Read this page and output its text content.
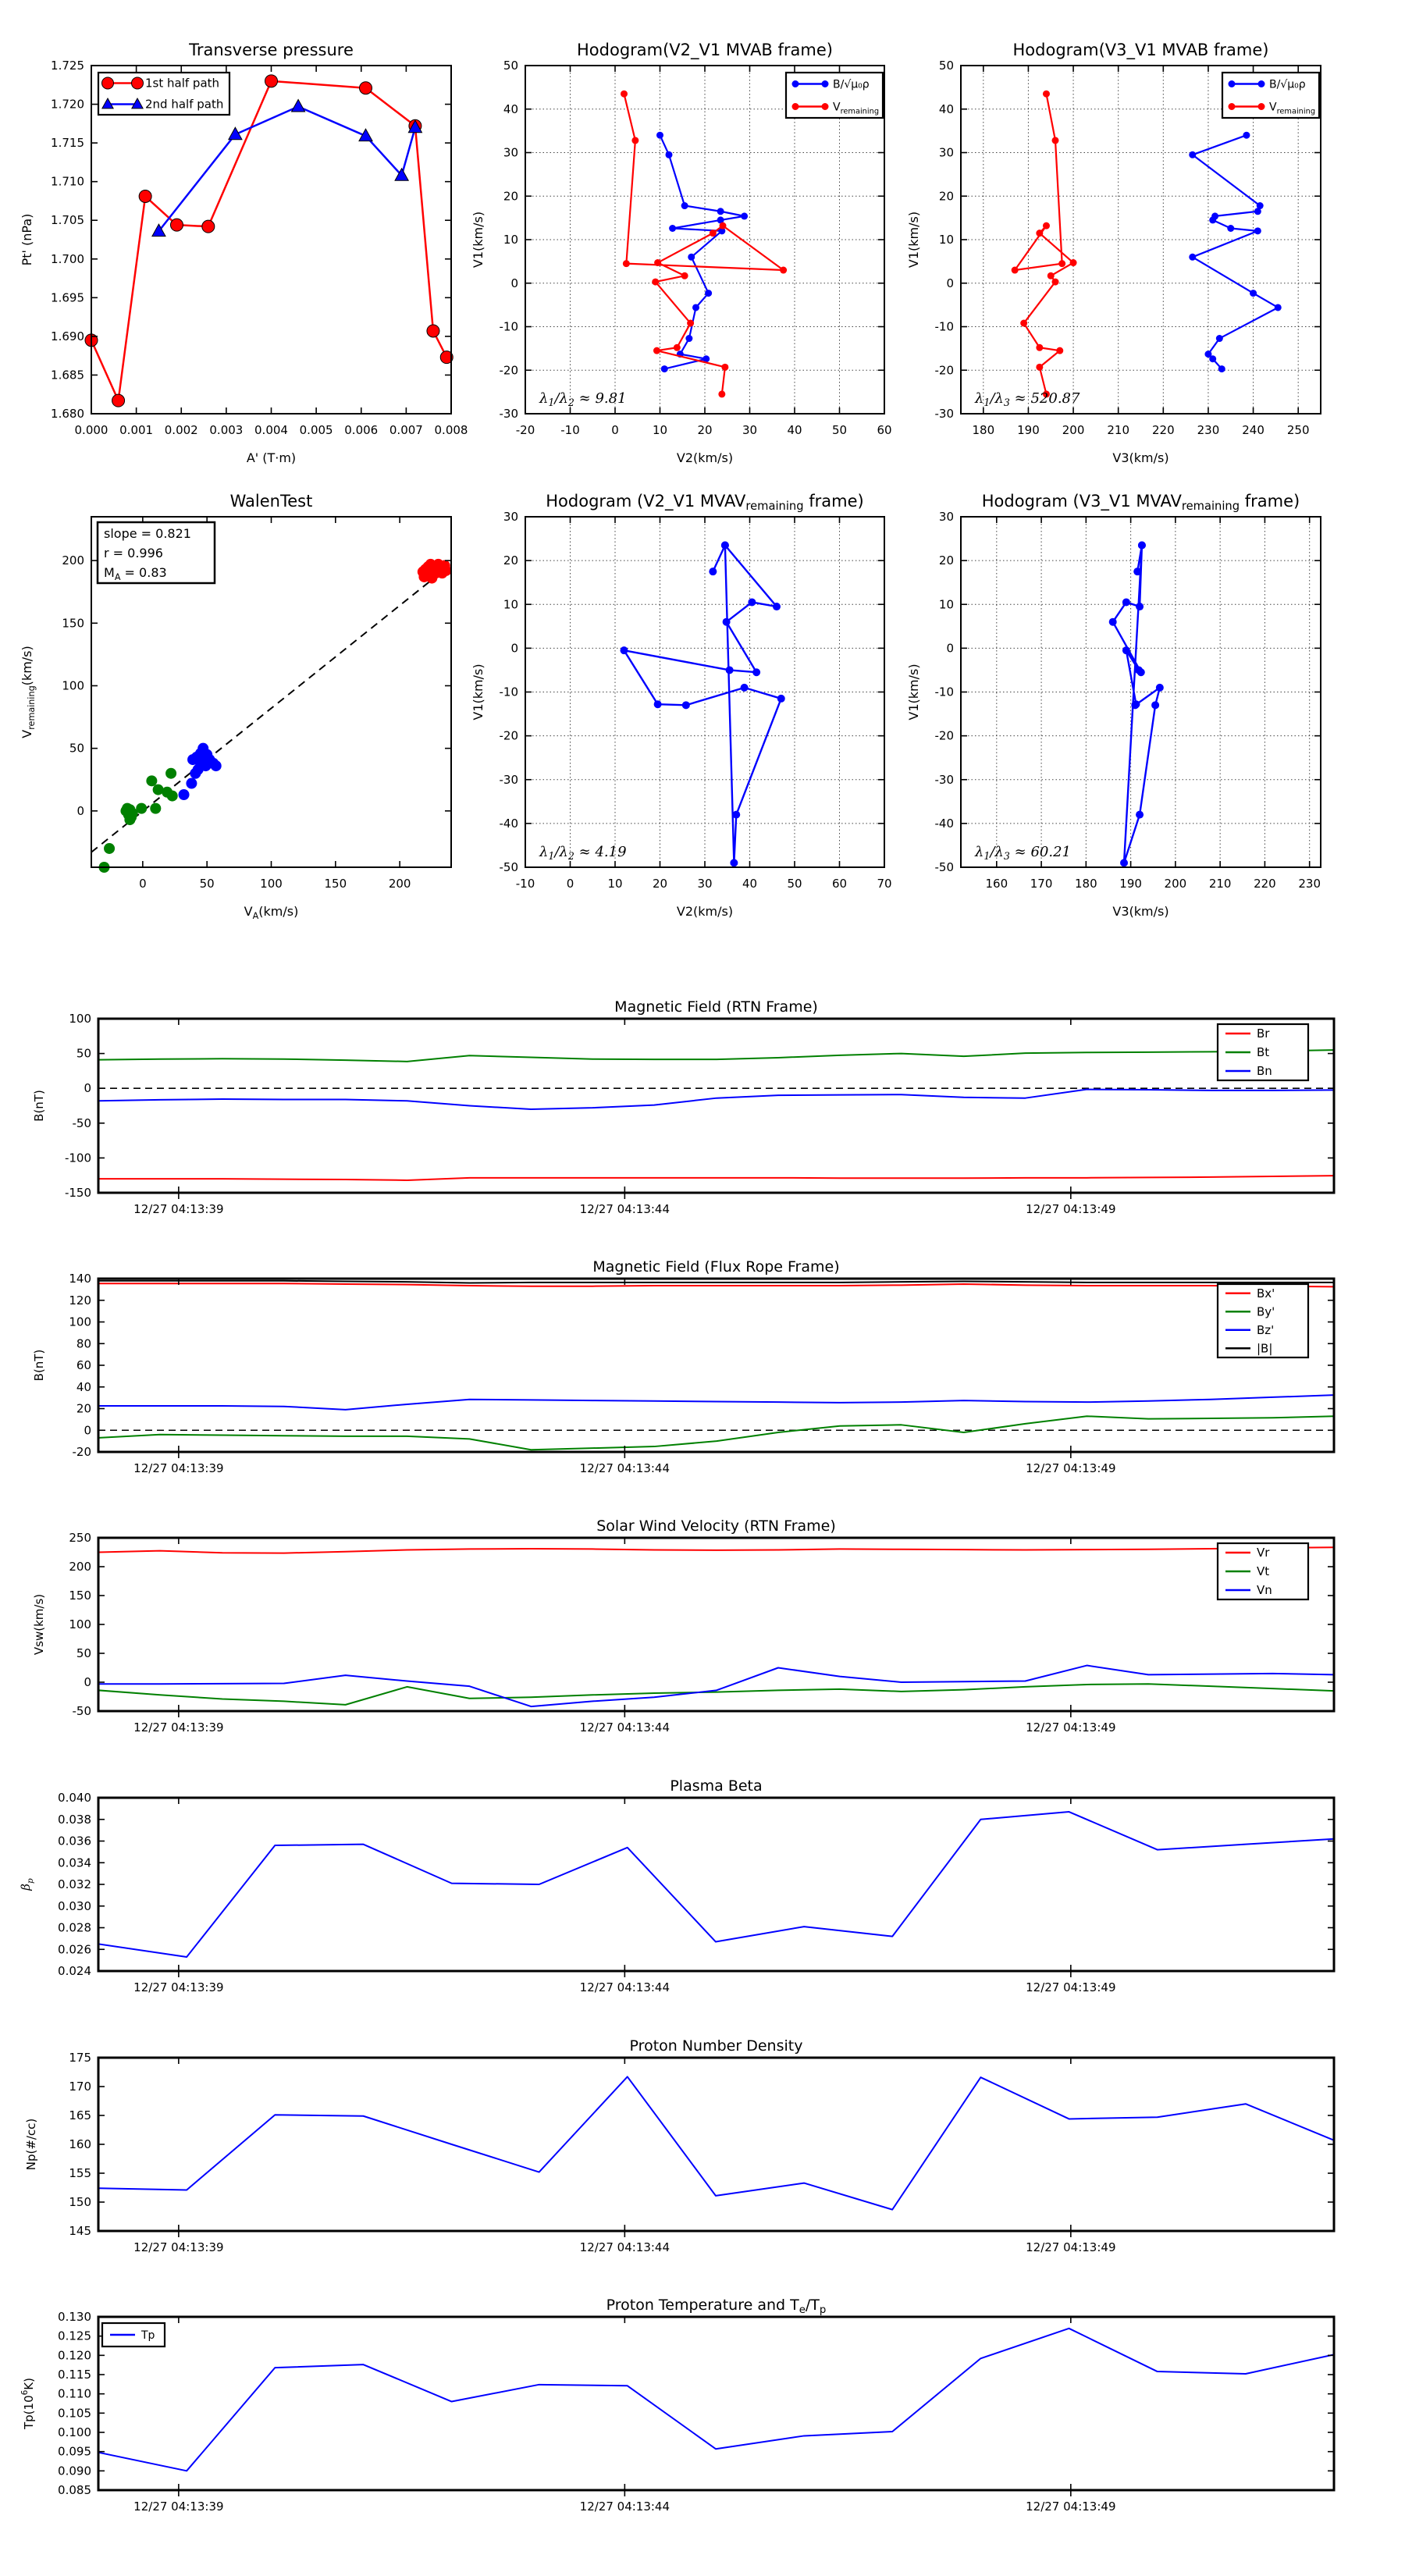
0.000 0.001 0.002 0.003 0.004 0.005 0.006 0.007 0.008
1.680
1.685
1.690
1.695
1.700
1.705
1.710
1.715
1.720
1.725
Transverse pressure
A' (T·m)
Pt' (nPa)
1st half path
2nd half path
-20 -10	0	10	20	30	40	50	60
-30
-20
-10
0
10
20
30
40
50
Hodogram(V2_V1 MVAB frame)
V2(km/s)
V1(km/s)
$\lambda_1/\lambda_2 \approx 9.81$
B/√μ₀ρ
$V_{remaining}$
180 190 200 210 220 230 240 250
-30
-20
-10
0
10
20
30
40
50
Hodogram(V3_V1 MVAB frame)
V3(km/s)
V1(km/s)
$\lambda_1/\lambda_3 \approx 520.87$
B/√μ₀ρ
$V_{remaining}$
0	50	100	150	200
0
50
100
150
200
WalenTest
$V_A(km/s)$
$V_{remaining}(km/s)$
slope = 0.821
r = 0.996
$M_A = 0.83$
-10	0	10	20	30	40	50	60	70
-50
-40
-30
-20
-10
0
10
20
30
Hodogram (V2_V1 MVAVremaining frame)
V2(km/s)
V1(km/s)
$\lambda_1/\lambda_2 \approx 4.19$
160 170 180 190 200 210 220 230
-50
-40
-30
-20
-10
0
10
20
30
Hodogram (V3_V1 MVAVremaining frame)
V3(km/s)
V1(km/s)
$\lambda_1/\lambda_3 \approx 60.21$
12/27 04:13:39	12/27 04:13:44	12/27 04:13:49
-150
-100
-50
0
50
100
Magnetic Field (RTN Frame)
B(nT)
Br
Bt
Bn
12/27 04:13:39	12/27 04:13:44	12/27 04:13:49
-20
0
20
40
60
80
100
120
140
Magnetic Field (Flux Rope Frame)
B(nT)
Bx'
By'
Bz'
|B|
12/27 04:13:39	12/27 04:13:44	12/27 04:13:49
-50
0
50
100
150
200
250
Solar Wind Velocity (RTN Frame)
Vsw(km/s)
Vr
Vt
Vn
12/27 04:13:39	12/27 04:13:44	12/27 04:13:49
0.024
0.026
0.028
0.030
0.032
0.034
0.036
0.038
0.040
Plasma Beta
$\beta_p$
12/27 04:13:39	12/27 04:13:44	12/27 04:13:49
145
150
155
160
165
170
175
Proton Number Density
Np(#/cc)
12/27 04:13:39	12/27 04:13:44	12/27 04:13:49
0.085
0.090
0.095
0.100
0.105
0.110
0.115
0.120
0.125
0.130
Proton Temperature and $T_e/T_p$
$Tp(10^6K)$
Tp
